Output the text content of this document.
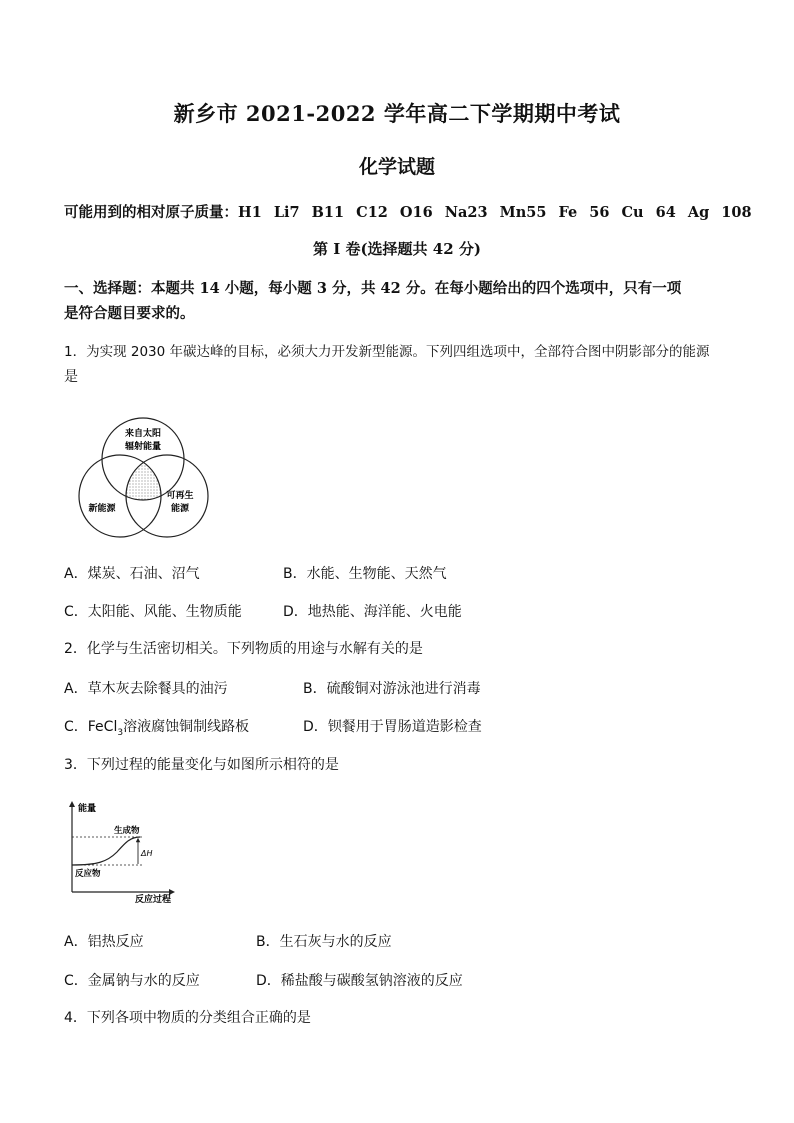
新乡市 2021-2022 学年高二下学期期中考试
化学试题
可能用到的相对原子质量：H1 Li7 B11 C12 O16 Na23 Mn55 Fe 56 Cu 64 Ag 108
第 I 卷(选择题共 42 分)
一、选择题：本题共 14 小题，每小题 3 分，共 42 分。在每小题给出的四个选项中，只有一项
是符合题目要求的。
1．为实现 2030 年碳达峰的目标，必须大力开发新型能源。下列四组选项中，全部符合图中阴影部分的能源
是
来自太阳
辐射能量
新能源
可再生
能源
A．煤炭、石油、沼气	B．水能、生物能、天然气
C．太阳能、风能、生物质能	D．地热能、海洋能、火电能
2．化学与生活密切相关。下列物质的用途与水解有关的是
A．草木灰去除餐具的油污	B．硫酸铜对游泳池进行消毒
C．FeCl$_3$溶液腐蚀铜制线路板	D．钡餐用于胃肠道造影检查
3．下列过程的能量变化与如图所示相符的是
能量
生成物
反应物
ΔH
反应过程
A．铝热反应	B．生石灰与水的反应
C．金属钠与水的反应	D．稀盐酸与碳酸氢钠溶液的反应
4．下列各项中物质的分类组合正确的是
